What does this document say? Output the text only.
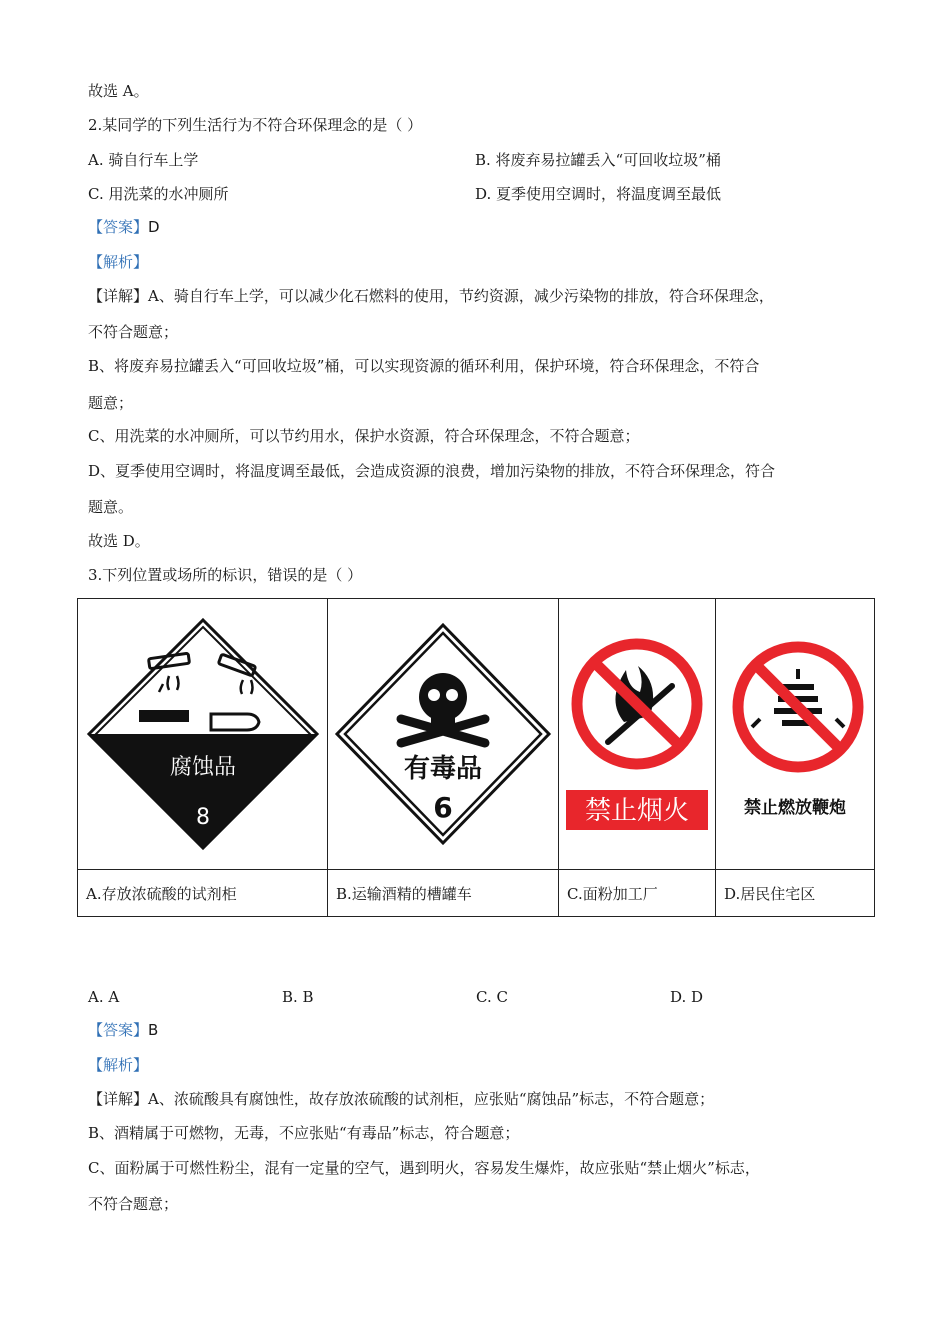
故选 A。
2.某同学的下列生活行为不符合环保理念的是（ ）
A. 骑自行车上学	B. 将废弃易拉罐丢入“可回收垃圾”桶
C. 用洗菜的水冲厕所	D. 夏季使用空调时，将温度调至最低
【答案】D
【解析】
【详解】A、骑自行车上学，可以减少化石燃料的使用，节约资源，减少污染物的排放，符合环保理念，
不符合题意；
B、将废弃易拉罐丢入“可回收垃圾”桶，可以实现资源的循环利用，保护环境，符合环保理念，不符合
题意；
C、用洗菜的水冲厕所，可以节约用水，保护水资源，符合环保理念，不符合题意；
D、夏季使用空调时，将温度调至最低，会造成资源的浪费，增加污染物的排放，不符合环保理念，符合
题意。
故选 D。
3.下列位置或场所的标识，错误的是（ ）
腐蚀品
8	有毒品
6	禁止烟火	禁止燃放鞭炮

A.存放浓硫酸的试剂柜	B.运输酒精的槽罐车	C.面粉加工厂	D.居民住宅区
A. A	B. B	C. C	D. D
【答案】B
【解析】
【详解】A、浓硫酸具有腐蚀性，故存放浓硫酸的试剂柜，应张贴“腐蚀品”标志，不符合题意；
B、酒精属于可燃物，无毒，不应张贴“有毒品”标志，符合题意；
C、面粉属于可燃性粉尘，混有一定量的空气，遇到明火，容易发生爆炸，故应张贴“禁止烟火”标志，
不符合题意；
